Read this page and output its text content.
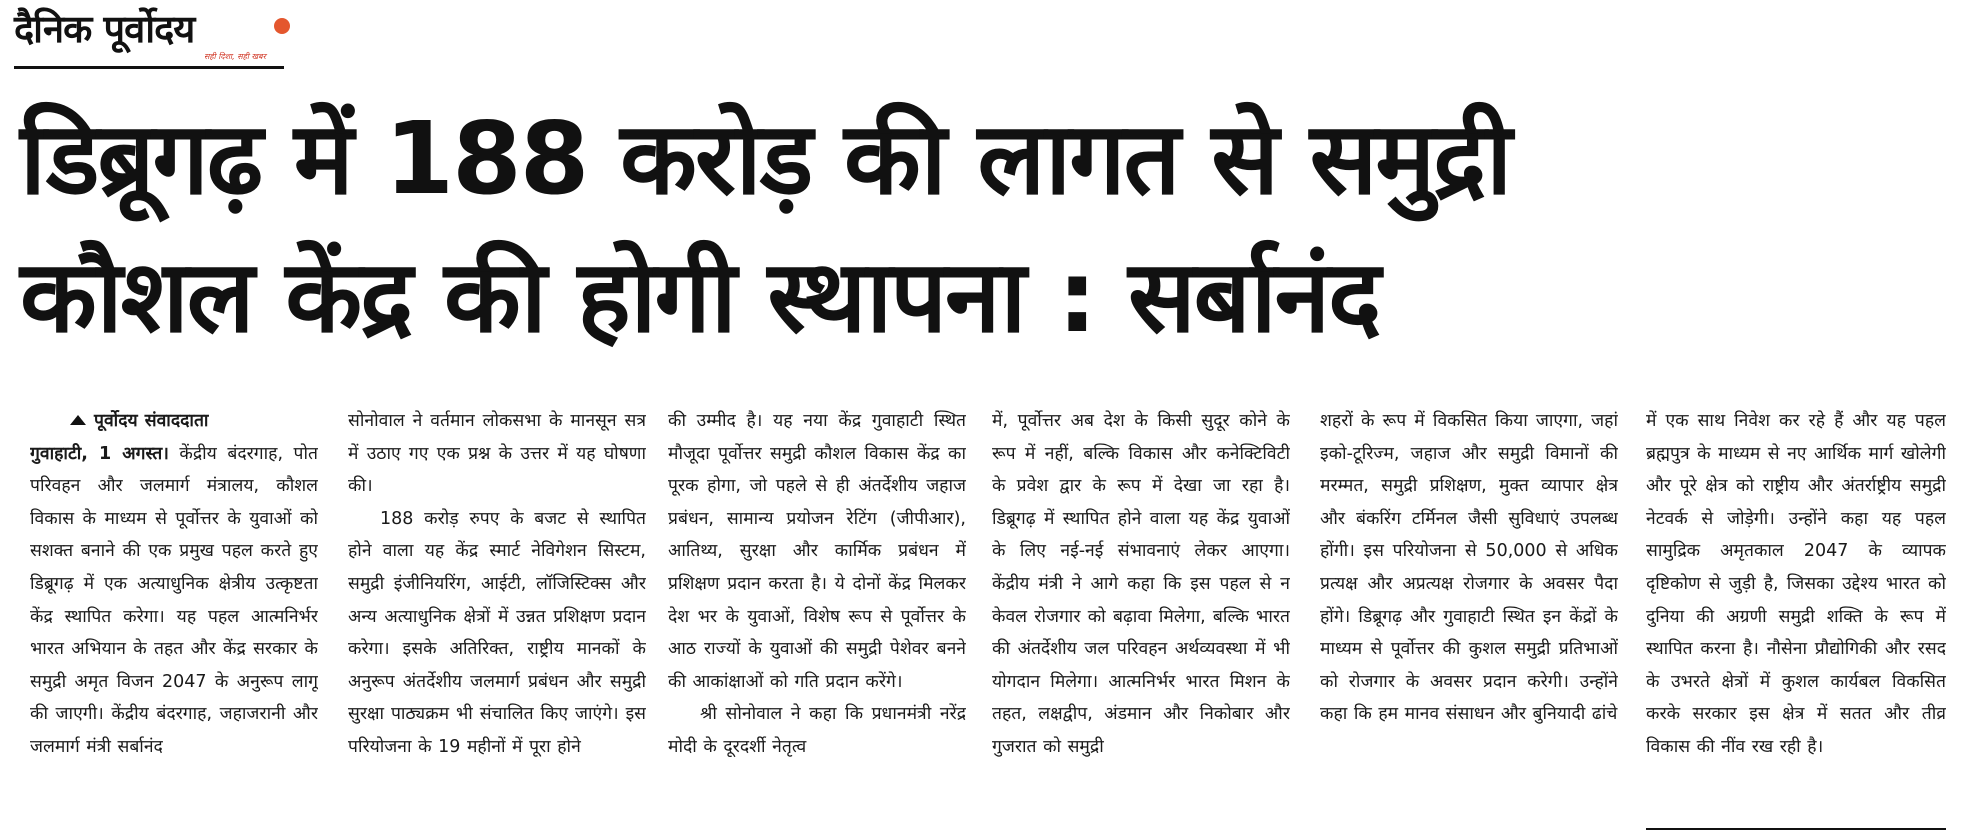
दैनिक पूर्वोदय
सही दिशा, सही खबर
डिब्रूगढ़ में 188 करोड़ की लागत से समुद्री
कौशल केंद्र की होगी स्थापना : सर्बानंद
पूर्वोदय संवाददाता

गुवाहाटी, 1 अगस्त। केंद्रीय बंदरगाह, पोत परिवहन और जलमार्ग मंत्रालय, कौशल विकास के माध्यम से पूर्वोत्तर के युवाओं को सशक्त बनाने की एक प्रमुख पहल करते हुए डिब्रूगढ़ में एक अत्याधुनिक क्षेत्रीय उत्कृष्टता केंद्र स्थापित करेगा। यह पहल आत्मनिर्भर भारत अभियान के तहत और केंद्र सरकार के समुद्री अमृत विजन 2047 के अनुरूप लागू की जाएगी। केंद्रीय बंदरगाह, जहाजरानी और जलमार्ग मंत्री सर्बानंद

सोनोवाल ने वर्तमान लोकसभा के मानसून सत्र में उठाए गए एक प्रश्न के उत्तर में यह घोषणा की।

188 करोड़ रुपए के बजट से स्थापित होने वाला यह केंद्र स्मार्ट नेविगेशन सिस्टम, समुद्री इंजीनियरिंग, आईटी, लॉजिस्टिक्स और अन्य अत्याधुनिक क्षेत्रों में उन्नत प्रशिक्षण प्रदान करेगा। इसके अतिरिक्त, राष्ट्रीय मानकों के अनुरूप अंतर्देशीय जलमार्ग प्रबंधन और समुद्री सुरक्षा पाठ्यक्रम भी संचालित किए जाएंगे। इस परियोजना के 19 महीनों में पूरा होने

की उम्मीद है। यह नया केंद्र गुवाहाटी स्थित मौजूदा पूर्वोत्तर समुद्री कौशल विकास केंद्र का पूरक होगा, जो पहले से ही अंतर्देशीय जहाज प्रबंधन, सामान्य प्रयोजन रेटिंग (जीपीआर), आतिथ्य, सुरक्षा और कार्मिक प्रबंधन में प्रशिक्षण प्रदान करता है। ये दोनों केंद्र मिलकर देश भर के युवाओं, विशेष रूप से पूर्वोत्तर के आठ राज्यों के युवाओं की समुद्री पेशेवर बनने की आकांक्षाओं को गति प्रदान करेंगे।

श्री सोनोवाल ने कहा कि प्रधानमंत्री नरेंद्र मोदी के दूरदर्शी नेतृत्व

में, पूर्वोत्तर अब देश के किसी सुदूर कोने के रूप में नहीं, बल्कि विकास और कनेक्टिविटी के प्रवेश द्वार के रूप में देखा जा रहा है। डिब्रूगढ़ में स्थापित होने वाला यह केंद्र युवाओं के लिए नई-नई संभावनाएं लेकर आएगा। केंद्रीय मंत्री ने आगे कहा कि इस पहल से न केवल रोजगार को बढ़ावा मिलेगा, बल्कि भारत की अंतर्देशीय जल परिवहन अर्थव्यवस्था में भी योगदान मिलेगा। आत्मनिर्भर भारत मिशन के तहत, लक्षद्वीप, अंडमान और निकोबार और गुजरात को समुद्री

शहरों के रूप में विकसित किया जाएगा, जहां इको-टूरिज्म, जहाज और समुद्री विमानों की मरम्मत, समुद्री प्रशिक्षण, मुक्त व्यापार क्षेत्र और बंकरिंग टर्मिनल जैसी सुविधाएं उपलब्ध होंगी। इस परियोजना से 50,000 से अधिक प्रत्यक्ष और अप्रत्यक्ष रोजगार के अवसर पैदा होंगे। डिब्रूगढ़ और गुवाहाटी स्थित इन केंद्रों के माध्यम से पूर्वोत्तर की कुशल समुद्री प्रतिभाओं को रोजगार के अवसर प्रदान करेगी। उन्होंने कहा कि हम मानव संसाधन और बुनियादी ढांचे

में एक साथ निवेश कर रहे हैं और यह पहल ब्रह्मपुत्र के माध्यम से नए आर्थिक मार्ग खोलेगी और पूरे क्षेत्र को राष्ट्रीय और अंतर्राष्ट्रीय समुद्री नेटवर्क से जोड़ेगी। उन्होंने कहा यह पहल सामुद्रिक अमृतकाल 2047 के व्यापक दृष्टिकोण से जुड़ी है, जिसका उद्देश्य भारत को दुनिया की अग्रणी समुद्री शक्ति के रूप में स्थापित करना है। नौसेना प्रौद्योगिकी और रसद के उभरते क्षेत्रों में कुशल कार्यबल विकसित करके सरकार इस क्षेत्र में सतत और तीव्र विकास की नींव रख रही है।
